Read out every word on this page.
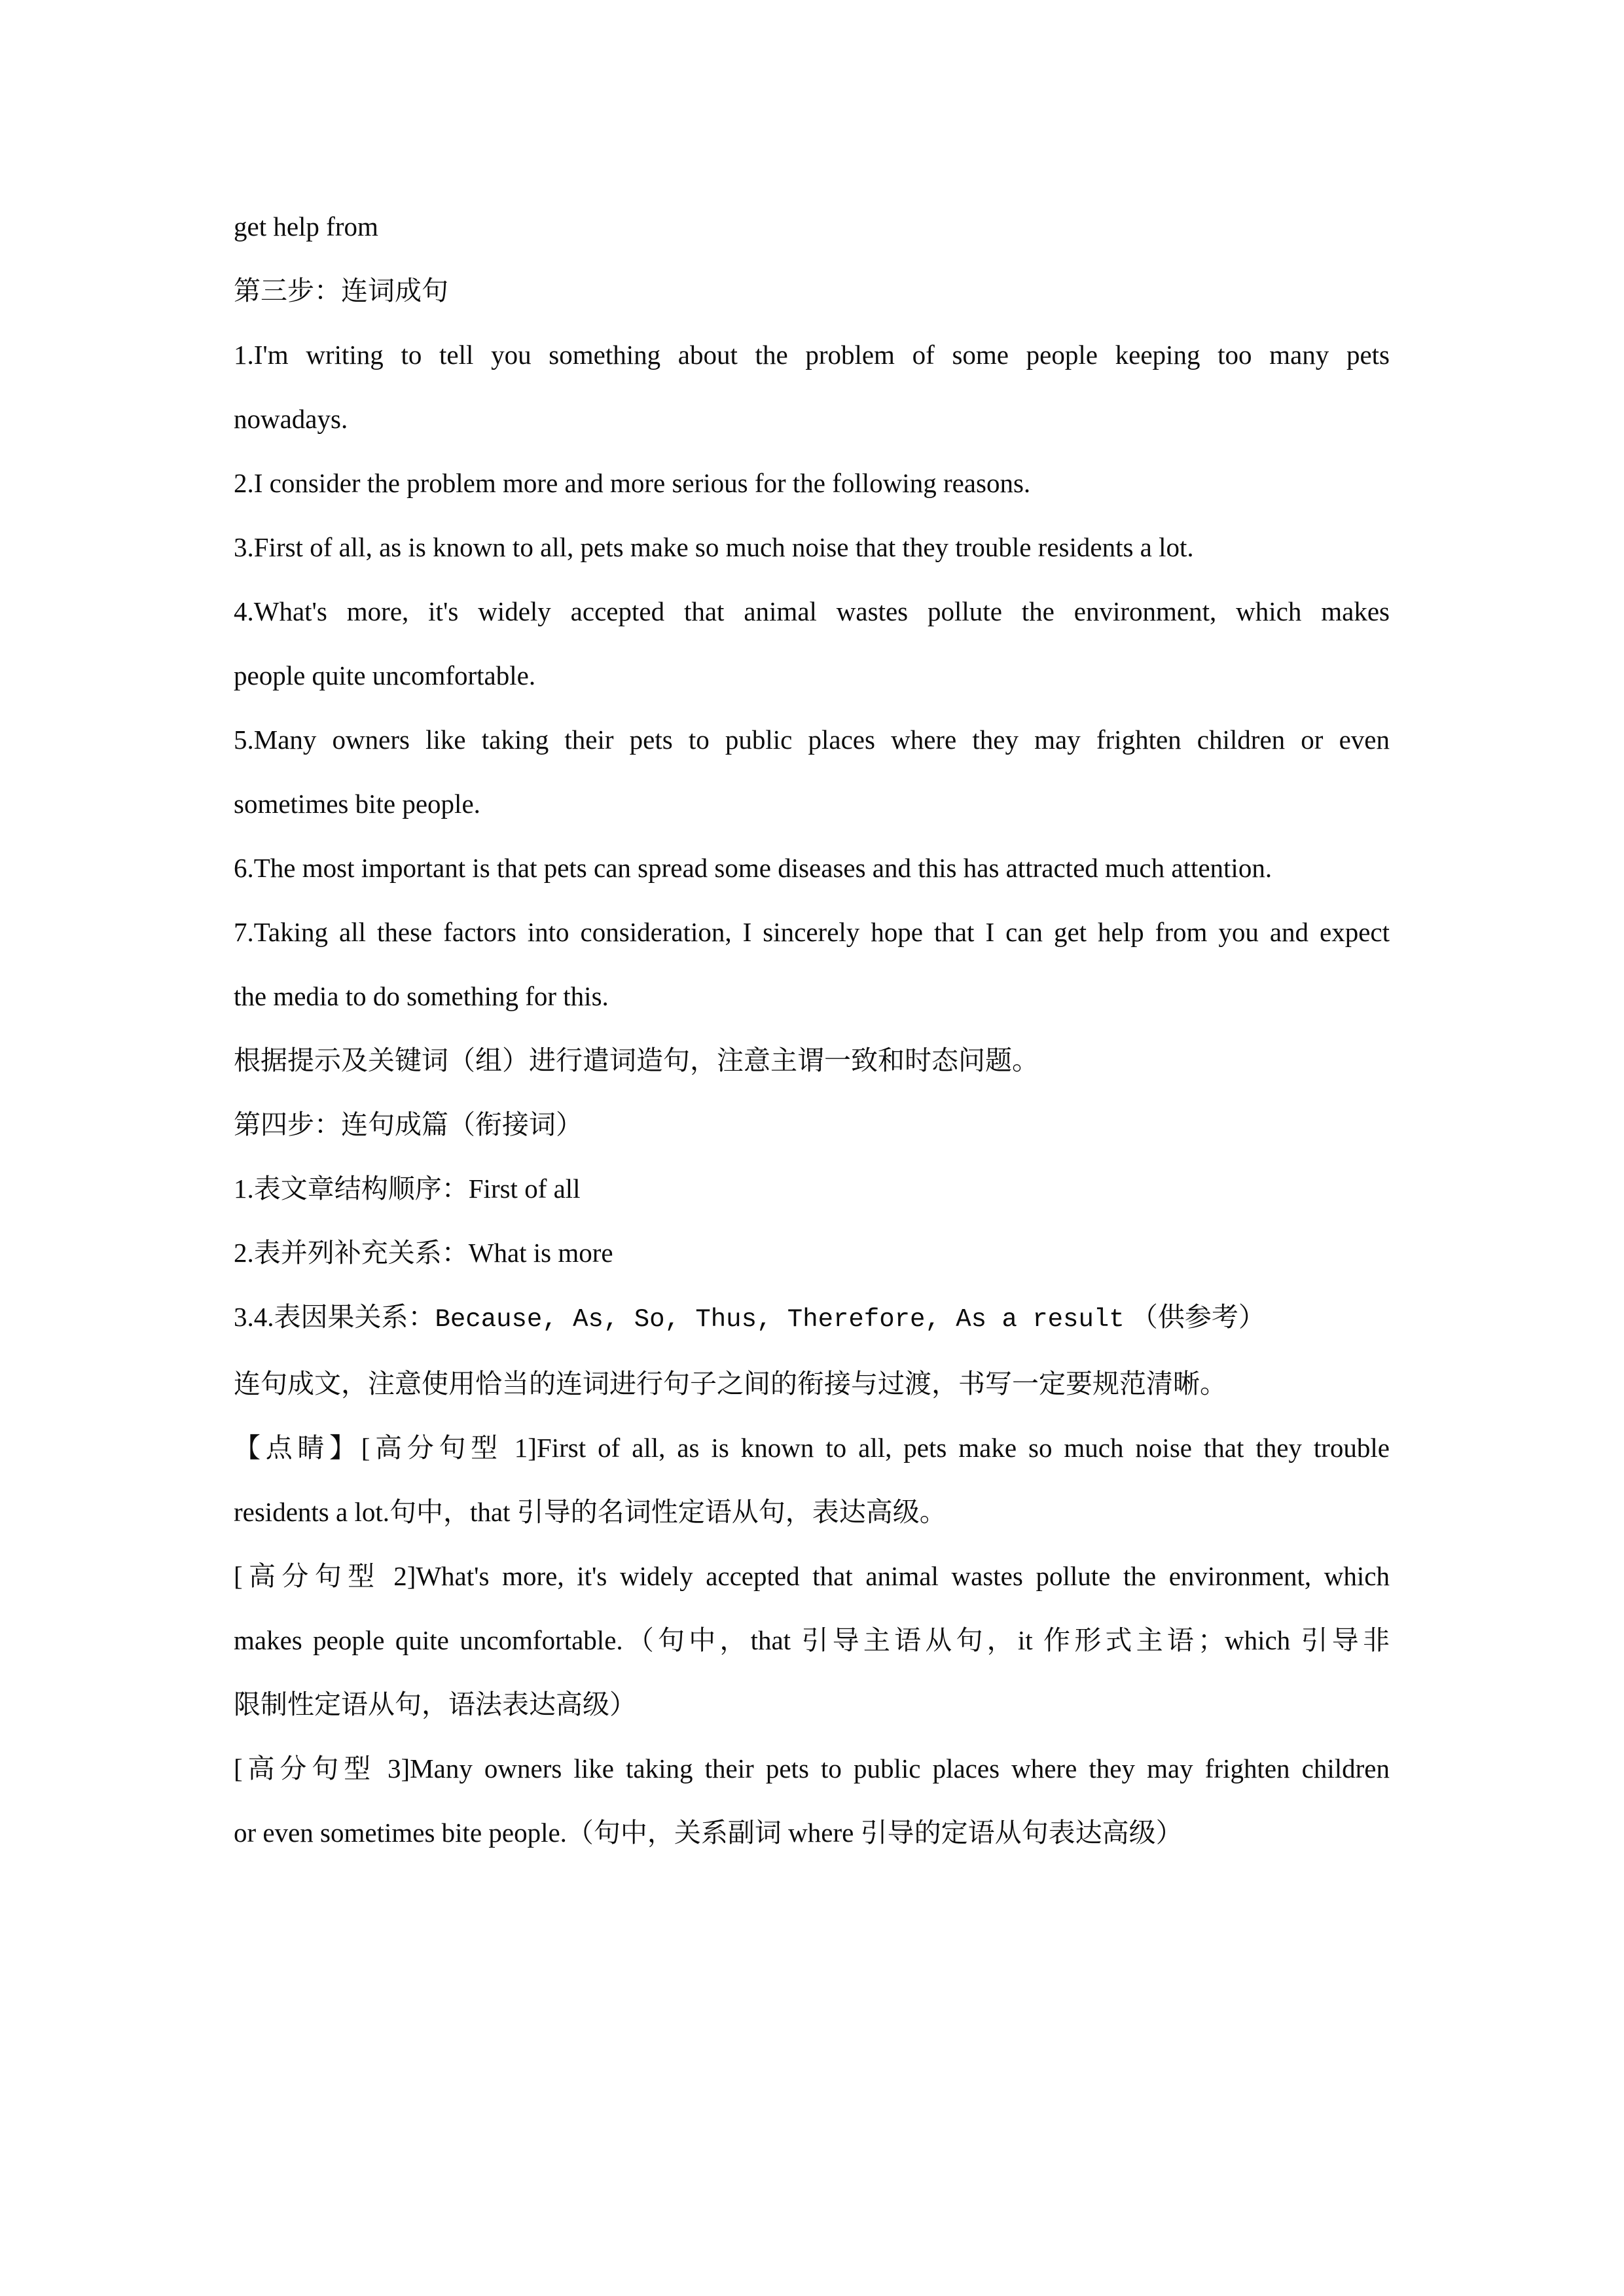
get help from

第三步：连词成句

1.I'm writing to tell you something about the problem of some people keeping too many pets

nowadays.

2.I consider the problem more and more serious for the following reasons.

3.First of all, as is known to all, pets make so much noise that they trouble residents a lot.

4.What's more, it's widely accepted that animal wastes pollute the environment, which makes

people quite uncomfortable.

5.Many owners like taking their pets to public places where they may frighten children or even

sometimes bite people.

6.The most important is that pets can spread some diseases and this has attracted much attention.

7.Taking all these factors into consideration, I sincerely hope that I can get help from you and expect

the media to do something for this.

根据提示及关键词（组）进行遣词造句，注意主谓一致和时态问题。

第四步：连句成篇（衔接词）

1.表文章结构顺序：First of all

2.表并列补充关系：What is more

3.4.表因果关系：Because, As, So, Thus, Therefore, As a result （供参考）

连句成文，注意使用恰当的连词进行句子之间的衔接与过渡，书写一定要规范清晰。

【点睛】[高分句型 1]First of all, as is known to all, pets make so much noise that they trouble

residents a lot.句中，that 引导的名词性定语从句，表达高级。

[高分句型 2]What's more, it's widely accepted that animal wastes pollute the environment, which

makes people quite uncomfortable.（句中，that 引导主语从句，it 作形式主语；which 引导非

限制性定语从句，语法表达高级）

[高分句型 3]Many owners like taking their pets to public places where they may frighten children

or even sometimes bite people.（句中，关系副词 where 引导的定语从句表达高级）
